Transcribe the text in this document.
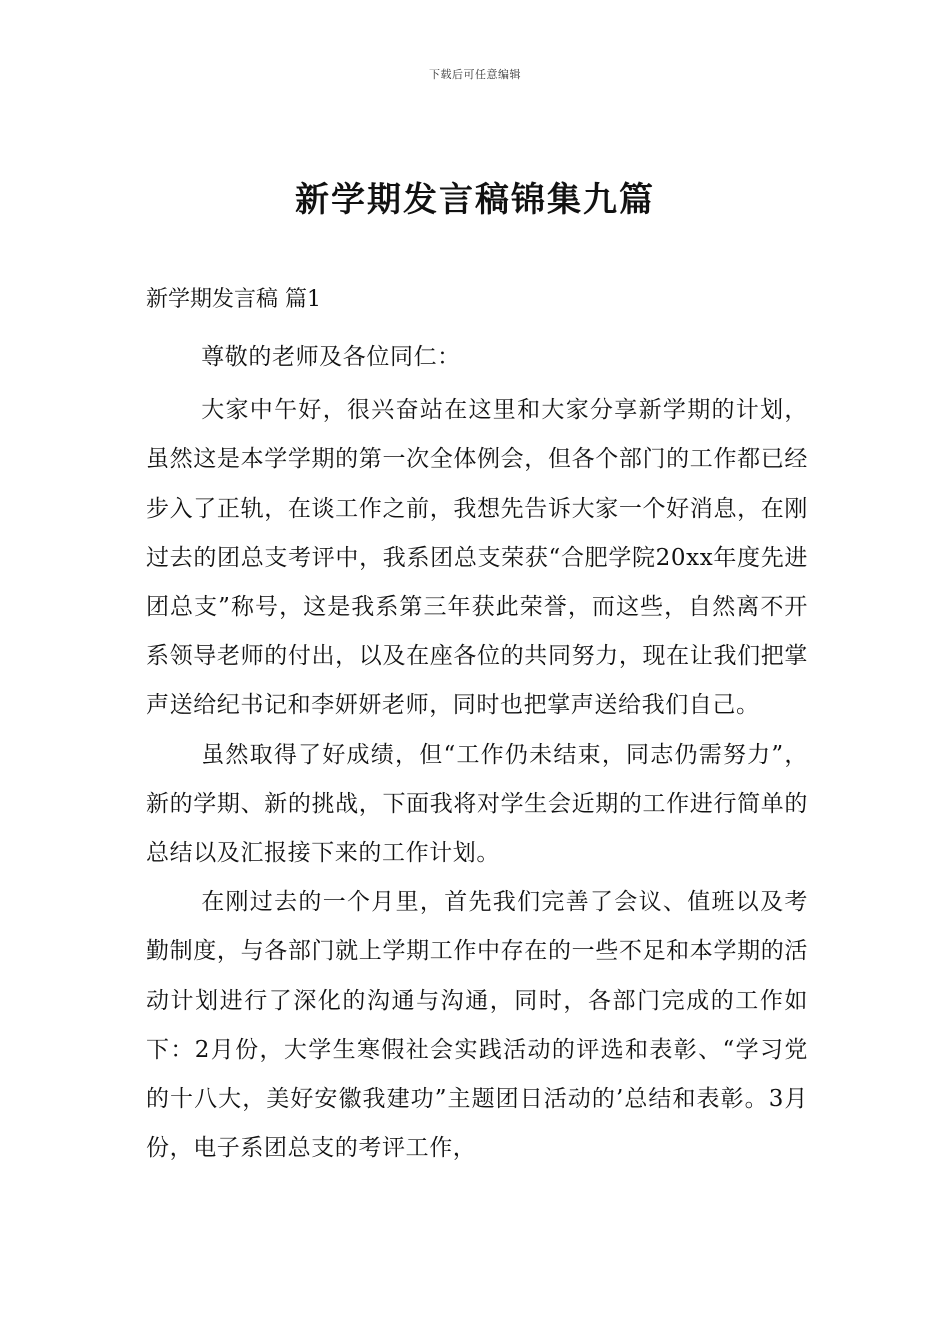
下载后可任意编辑
新学期发言稿锦集九篇
新学期发言稿 篇1

尊敬的老师及各位同仁：

大家中午好，很兴奋站在这里和大家分享新学期的计划，虽然这是本学学期的第一次全体例会，但各个部门的工作都已经步入了正轨，在谈工作之前，我想先告诉大家一个好消息，在刚过去的团总支考评中，我系团总支荣获“合肥学院20xx年度先进团总支”称号，这是我系第三年获此荣誉，而这些，自然离不开系领导老师的付出，以及在座各位的共同努力，现在让我们把掌声送给纪书记和李妍妍老师，同时也把掌声送给我们自己。

虽然取得了好成绩，但“工作仍未结束，同志仍需努力”，新的学期、新的挑战，下面我将对学生会近期的工作进行简单的总结以及汇报接下来的工作计划。

在刚过去的一个月里，首先我们完善了会议、值班以及考勤制度，与各部门就上学期工作中存在的一些不足和本学期的活动计划进行了深化的沟通与沟通，同时，各部门完成的工作如下：2月份，大学生寒假社会实践活动的评选和表彰、“学习党的十八大，美好安徽我建功”主题团日活动的’总结和表彰。3月份，电子系团总支的考评工作，
